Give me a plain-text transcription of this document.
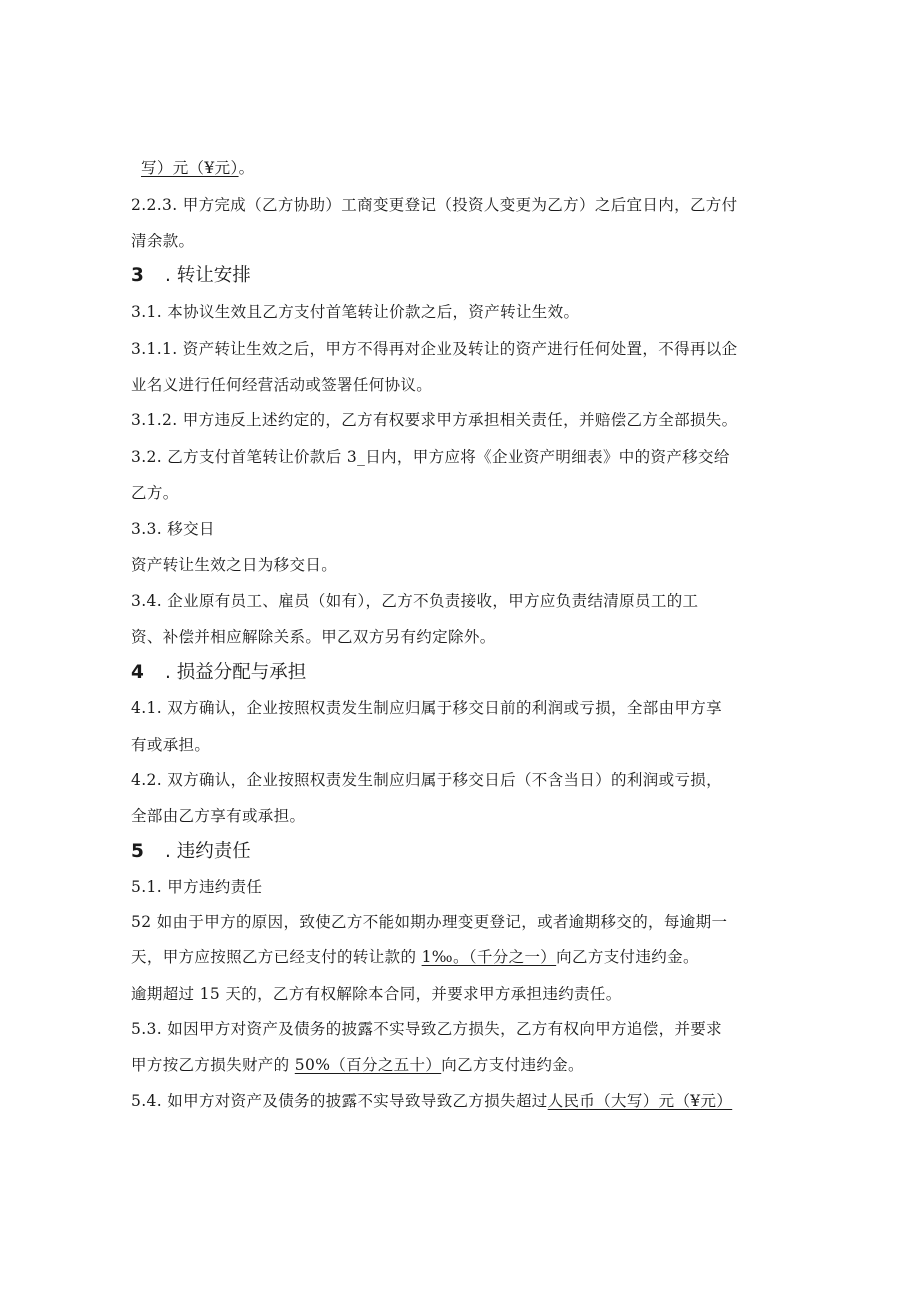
写）元（¥元）。
2.2.3. 甲方完成（乙方协助）工商变更登记（投资人变更为乙方）之后宜日内，乙方付
清余款。
3 . 转让安排
3.1. 本协议生效且乙方支付首笔转让价款之后，资产转让生效。
3.1.1. 资产转让生效之后，甲方不得再对企业及转让的资产进行任何处置，不得再以企
业名义进行任何经营活动或签署任何协议。
3.1.2. 甲方违反上述约定的，乙方有权要求甲方承担相关责任，并赔偿乙方全部损失。
3.2. 乙方支付首笔转让价款后 3_日内，甲方应将《企业资产明细表》中的资产移交给
乙方。
3.3. 移交日
资产转让生效之日为移交日。
3.4. 企业原有员工、雇员（如有），乙方不负责接收，甲方应负责结清原员工的工
资、补偿并相应解除关系。甲乙双方另有约定除外。
4 . 损益分配与承担
4.1. 双方确认，企业按照权责发生制应归属于移交日前的利润或亏损，全部由甲方享
有或承担。
4.2. 双方确认，企业按照权责发生制应归属于移交日后（不含当日）的利润或亏损，
全部由乙方享有或承担。
5 . 违约责任
5.1. 甲方违约责任
52 如由于甲方的原因，致使乙方不能如期办理变更登记，或者逾期移交的，每逾期一
天，甲方应按照乙方已经支付的转让款的 1‰。（千分之一）向乙方支付违约金。
逾期超过 15 天的，乙方有权解除本合同，并要求甲方承担违约责任。
5.3. 如因甲方对资产及债务的披露不实导致乙方损失，乙方有权向甲方追偿，并要求
甲方按乙方损失财产的 50%（百分之五十）向乙方支付违约金。
5.4. 如甲方对资产及债务的披露不实导致导致乙方损失超过人民币（大写）元（¥元）
